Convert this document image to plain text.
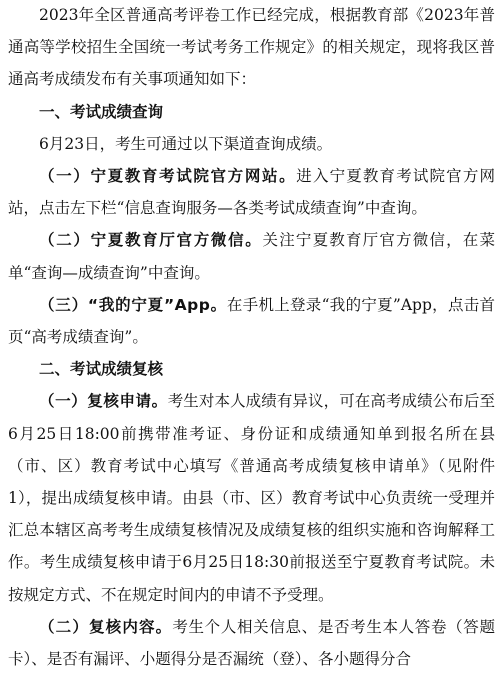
2023年全区普通高考评卷工作已经完成，根据教育部《2023年普通高等学校招生全国统一考试考务工作规定》的相关规定，现将我区普通高考成绩发布有关事项通知如下：

一、考试成绩查询

6月23日，考生可通过以下渠道查询成绩。

（一）宁夏教育考试院官方网站。进入宁夏教育考试院官方网站，点击左下栏“信息查询服务—各类考试成绩查询”中查询。

（二）宁夏教育厅官方微信。关注宁夏教育厅官方微信，在菜单“查询—成绩查询”中查询。

（三）“我的宁夏”App。在手机上登录“我的宁夏”App，点击首页“高考成绩查询”。

二、考试成绩复核

（一）复核申请。考生对本人成绩有异议，可在高考成绩公布后至6月25日18:00前携带准考证、身份证和成绩通知单到报名所在县（市、区）教育考试中心填写《普通高考成绩复核申请单》（见附件1），提出成绩复核申请。由县（市、区）教育考试中心负责统一受理并汇总本辖区高考考生成绩复核情况及成绩复核的组织实施和咨询解释工作。考生成绩复核申请于6月25日18:30前报送至宁夏教育考试院。未按规定方式、不在规定时间内的申请不予受理。

（二）复核内容。考生个人相关信息、是否考生本人答卷（答题卡）、是否有漏评、小题得分是否漏统（登）、各小题得分合
